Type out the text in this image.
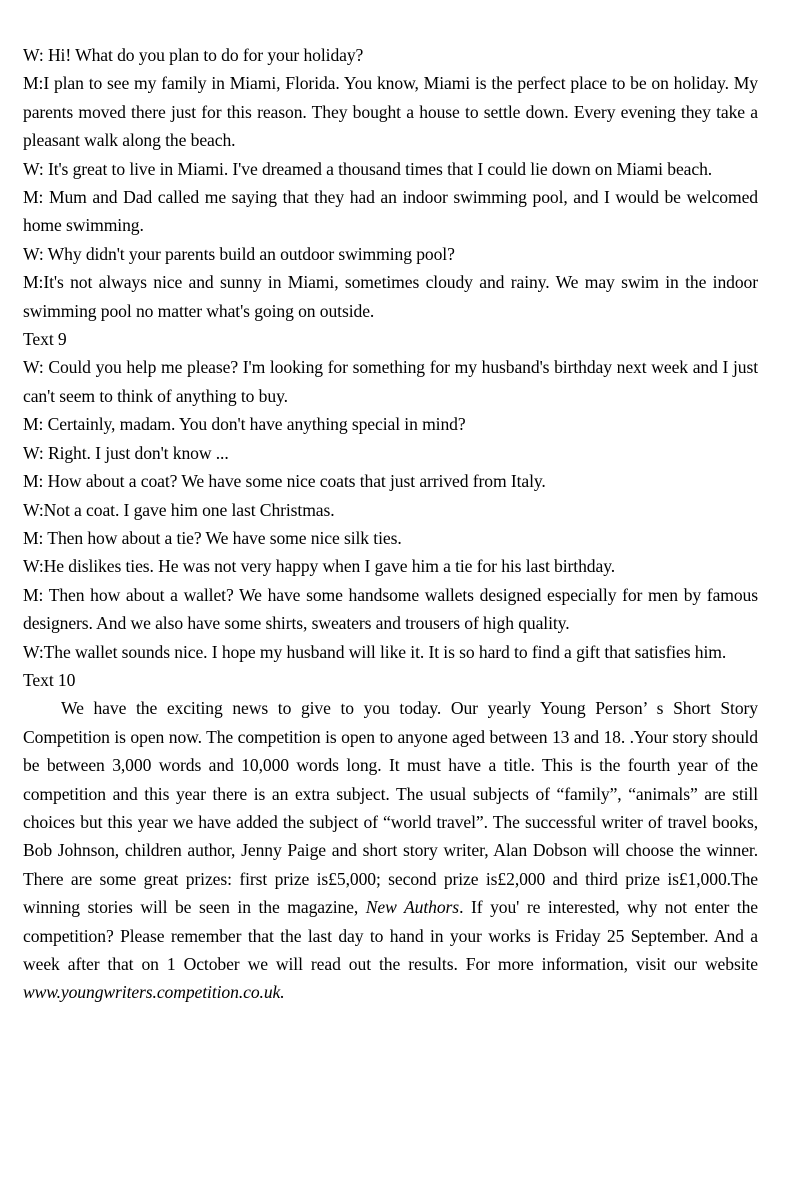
W: Hi! What do you plan to do for your holiday?

M:I plan to see my family in Miami, Florida. You know, Miami is the perfect place to be on holiday. My parents moved there just for this reason. They bought a house to settle down. Every evening they take a pleasant walk along the beach.

W: It's great to live in Miami. I've dreamed a thousand times that I could lie down on Miami beach.

M: Mum and Dad called me saying that they had an indoor swimming pool, and I would be welcomed home swimming.

W: Why didn't your parents build an outdoor swimming pool?

M:It's not always nice and sunny in Miami, sometimes cloudy and rainy. We may swim in the indoor swimming pool no matter what's going on outside.

Text 9

W: Could you help me please? I'm looking for something for my husband's birthday next week and I just can't seem to think of anything to buy.

M: Certainly, madam. You don't have anything special in mind?

W: Right. I just don't know ...

M: How about a coat? We have some nice coats that just arrived from Italy.

W:Not a coat. I gave him one last Christmas.

M: Then how about a tie? We have some nice silk ties.

W:He dislikes ties. He was not very happy when I gave him a tie for his last birthday.

M: Then how about a wallet? We have some handsome wallets designed especially for men by famous designers. And we also have some shirts, sweaters and trousers of high quality.

W:The wallet sounds nice. I hope my husband will like it. It is so hard to find a gift that satisfies him.

Text 10

We have the exciting news to give to you today. Our yearly Young Person’ s Short Story Competition is open now. The competition is open to anyone aged between 13 and 18. .Your story should be between 3,000 words and 10,000 words long. It must have a title. This is the fourth year of the competition and this year there is an extra subject. The usual subjects of “family”, “animals” are still choices but this year we have added the subject of “world travel”. The successful writer of travel books, Bob Johnson, children author, Jenny Paige and short story writer, Alan Dobson will choose the winner. There are some great prizes: first prize is£5,000; second prize is£2,000 and third prize is£1,000.The winning stories will be seen in the magazine, New Authors. If you' re interested, why not enter the competition? Please remember that the last day to hand in your works is Friday 25 September. And a week after that on 1 October we will read out the results. For more information, visit our website www.youngwriters.competition.co.uk.
